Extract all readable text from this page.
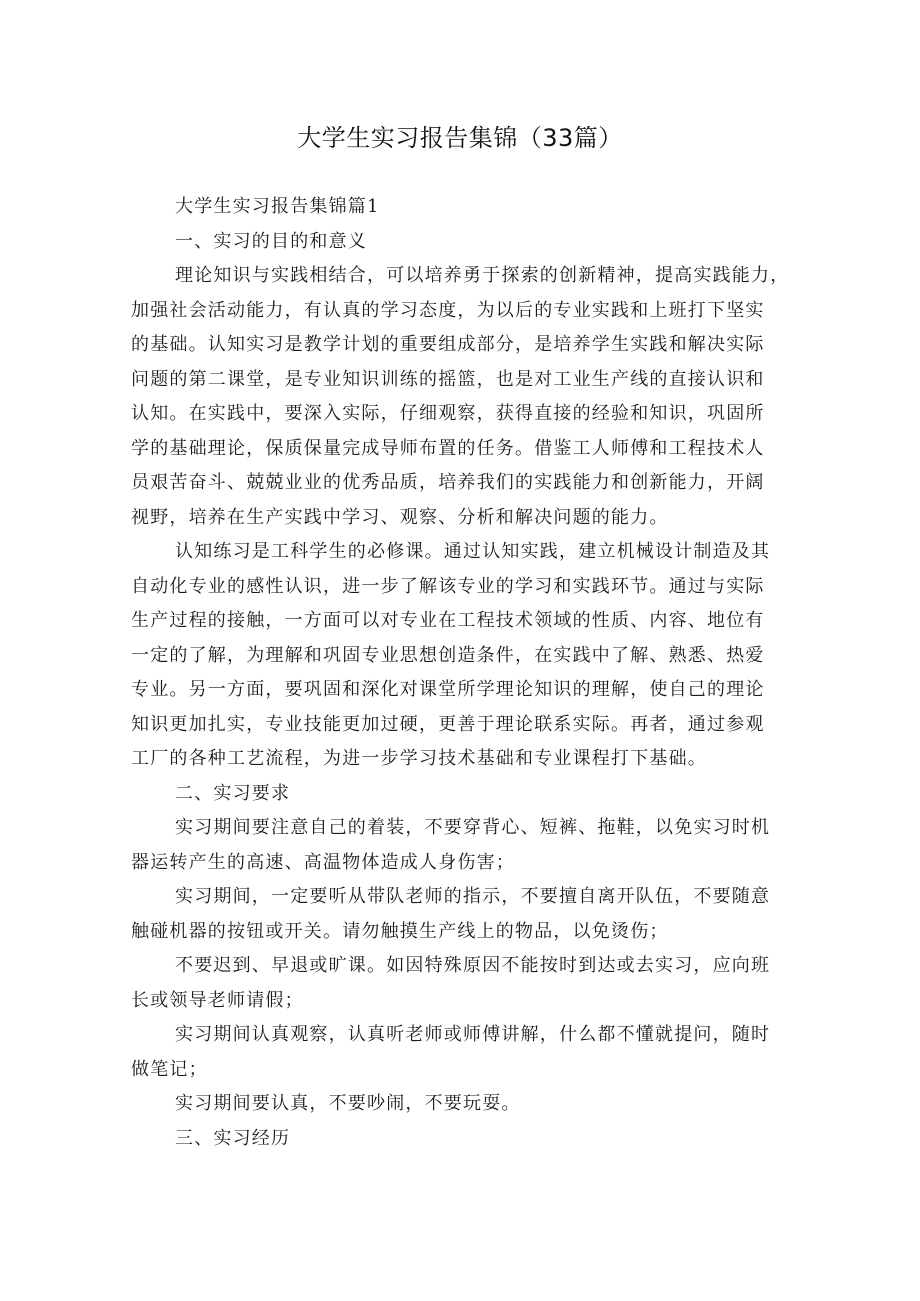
大学生实习报告集锦（33篇）
大学生实习报告集锦篇1
一、实习的目的和意义
理论知识与实践相结合，可以培养勇于探索的创新精神，提高实践能力，
加强社会活动能力，有认真的学习态度，为以后的专业实践和上班打下坚实
的基础。认知实习是教学计划的重要组成部分，是培养学生实践和解决实际
问题的第二课堂，是专业知识训练的摇篮，也是对工业生产线的直接认识和
认知。在实践中，要深入实际，仔细观察，获得直接的经验和知识，巩固所
学的基础理论，保质保量完成导师布置的任务。借鉴工人师傅和工程技术人
员艰苦奋斗、兢兢业业的优秀品质，培养我们的实践能力和创新能力，开阔
视野，培养在生产实践中学习、观察、分析和解决问题的能力。
认知练习是工科学生的必修课。通过认知实践，建立机械设计制造及其
自动化专业的感性认识，进一步了解该专业的学习和实践环节。通过与实际
生产过程的接触，一方面可以对专业在工程技术领域的性质、内容、地位有
一定的了解，为理解和巩固专业思想创造条件，在实践中了解、熟悉、热爱
专业。另一方面，要巩固和深化对课堂所学理论知识的理解，使自己的理论
知识更加扎实，专业技能更加过硬，更善于理论联系实际。再者，通过参观
工厂的各种工艺流程，为进一步学习技术基础和专业课程打下基础。
二、实习要求
实习期间要注意自己的着装，不要穿背心、短裤、拖鞋，以免实习时机
器运转产生的高速、高温物体造成人身伤害；
实习期间，一定要听从带队老师的指示，不要擅自离开队伍，不要随意
触碰机器的按钮或开关。请勿触摸生产线上的物品，以免烫伤；
不要迟到、早退或旷课。如因特殊原因不能按时到达或去实习，应向班
长或领导老师请假；
实习期间认真观察，认真听老师或师傅讲解，什么都不懂就提问，随时
做笔记；
实习期间要认真，不要吵闹，不要玩耍。
三、实习经历
